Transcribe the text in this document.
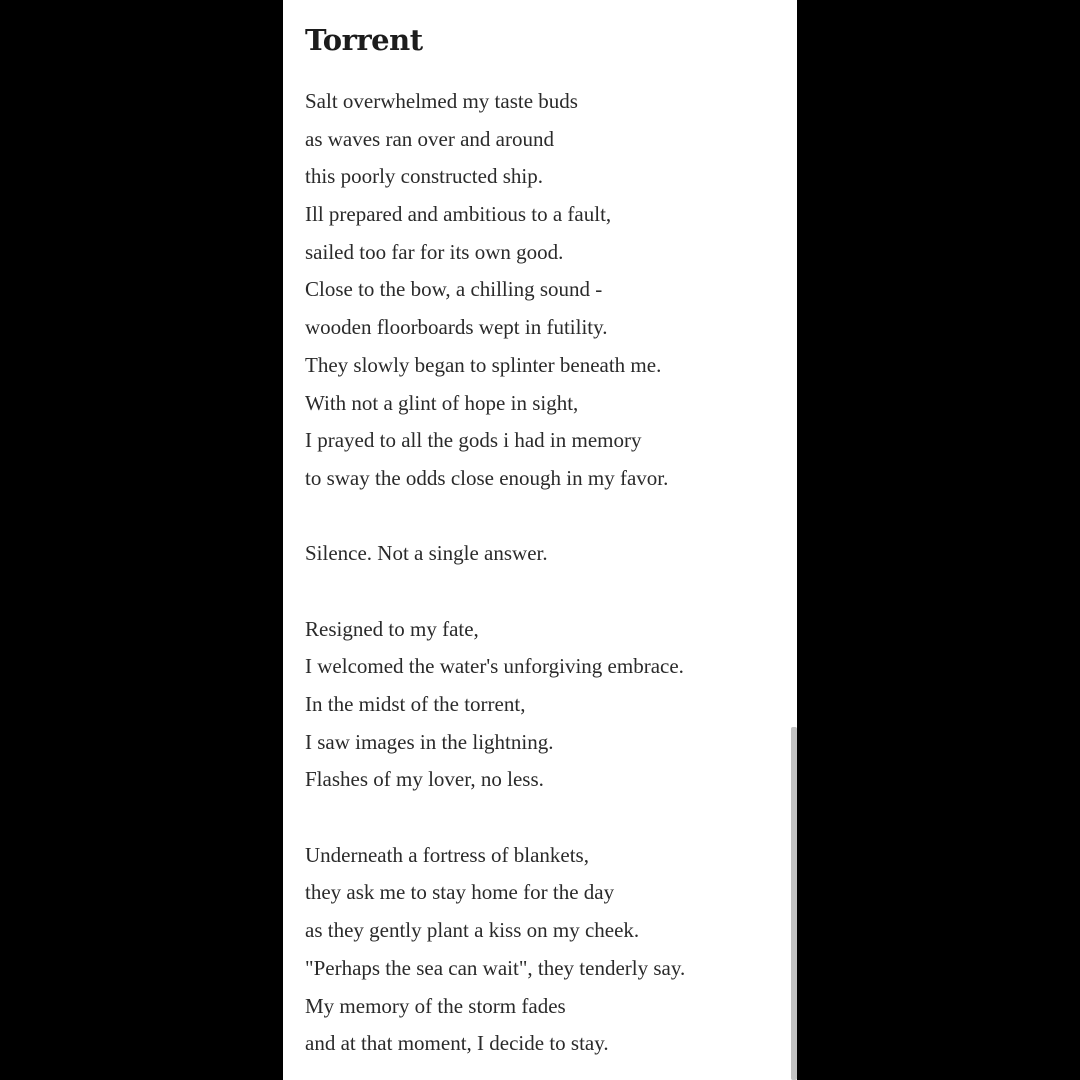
Torrent
Salt overwhelmed my taste buds
as waves ran over and around
this poorly constructed ship.
Ill prepared and ambitious to a fault,
sailed too far for its own good.
Close to the bow, a chilling sound -
wooden floorboards wept in futility.
They slowly began to splinter beneath me.
With not a glint of hope in sight,
I prayed to all the gods i had in memory
to sway the odds close enough in my favor.
Silence. Not a single answer.
Resigned to my fate,
I welcomed the water's unforgiving embrace.
In the midst of the torrent,
I saw images in the lightning.
Flashes of my lover, no less.
Underneath a fortress of blankets,
they ask me to stay home for the day
as they gently plant a kiss on my cheek.
"Perhaps the sea can wait", they tenderly say.
My memory of the storm fades
and at that moment, I decide to stay.
